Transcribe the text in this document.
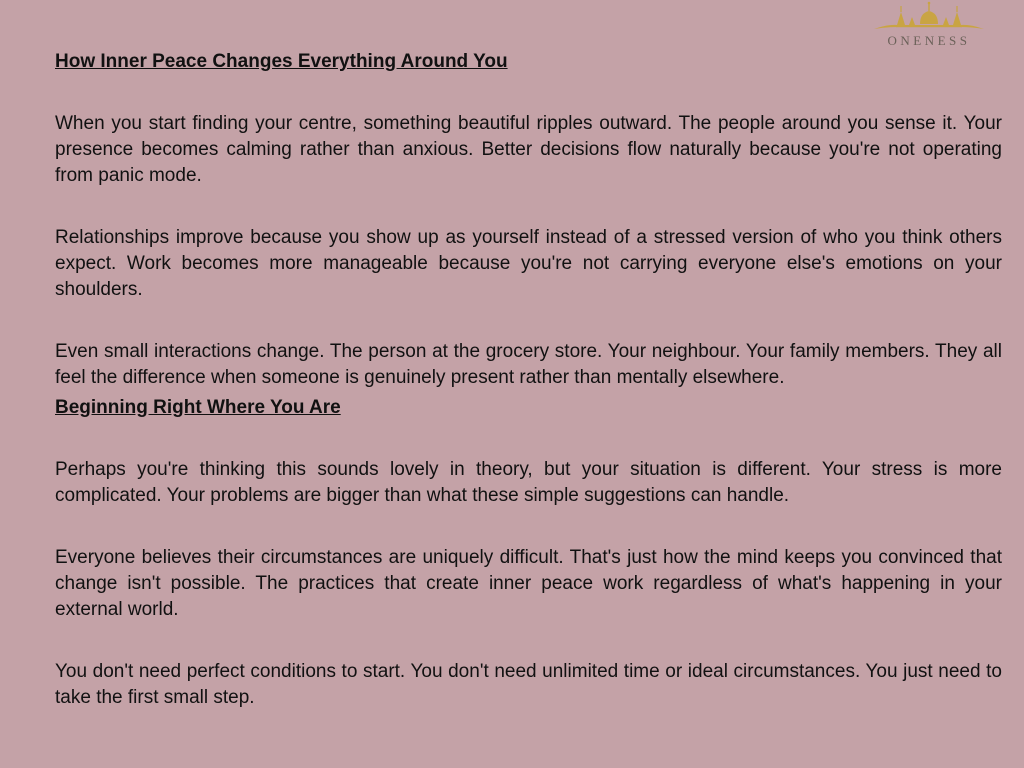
ONENESS

How Inner Peace Changes Everything Around You

When you start finding your centre, something beautiful ripples outward. The people around you sense it. Your presence becomes calming rather than anxious. Better decisions flow naturally because you're not operating from panic mode.

Relationships improve because you show up as yourself instead of a stressed version of who you think others expect. Work becomes more manageable because you're not carrying everyone else's emotions on your shoulders.

Even small interactions change. The person at the grocery store. Your neighbour. Your family members. They all feel the difference when someone is genuinely present rather than mentally elsewhere.

Beginning Right Where You Are

Perhaps you're thinking this sounds lovely in theory, but your situation is different. Your stress is more complicated. Your problems are bigger than what these simple suggestions can handle.

Everyone believes their circumstances are uniquely difficult. That's just how the mind keeps you convinced that change isn't possible. The practices that create inner peace work regardless of what's happening in your external world.

You don't need perfect conditions to start. You don't need unlimited time or ideal circumstances. You just need to take the first small step.
